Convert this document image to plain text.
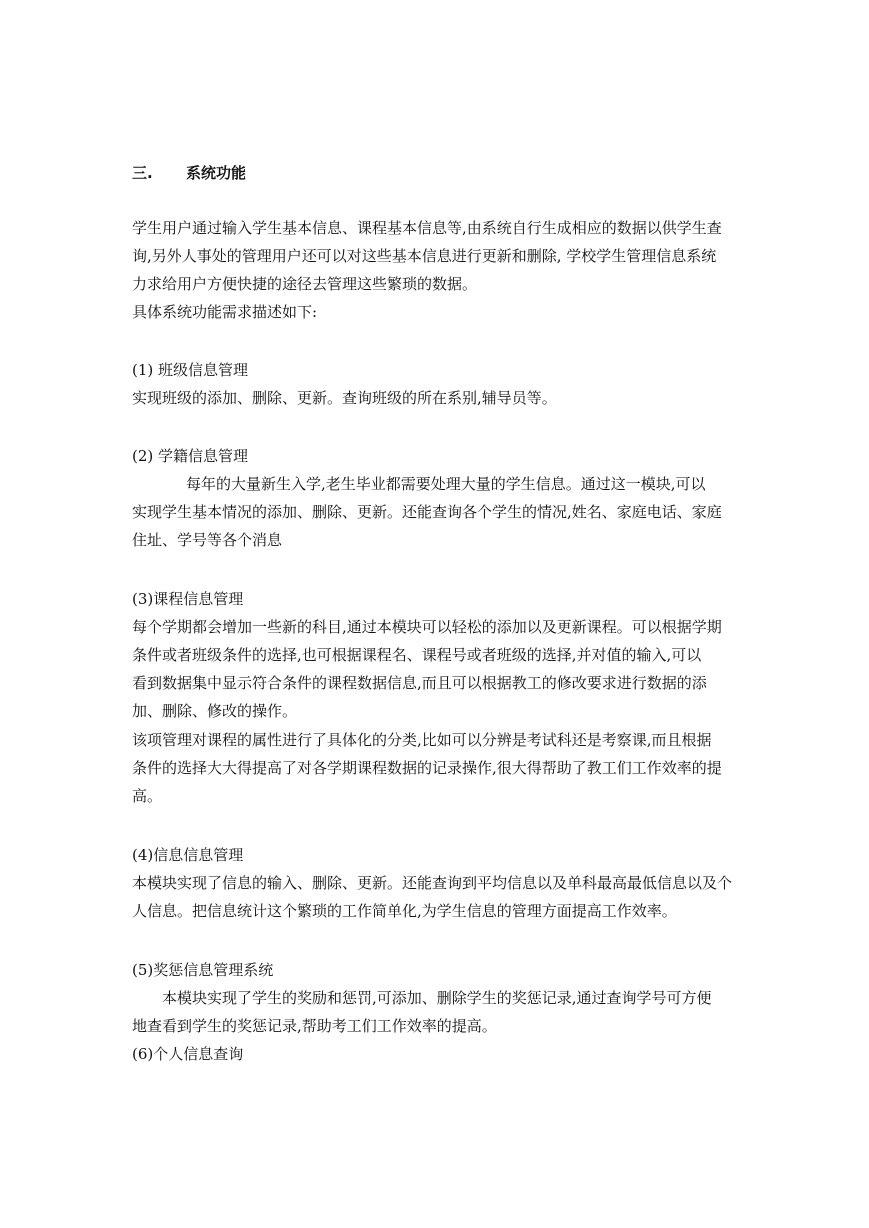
三. 系统功能
学生用户通过输入学生基本信息、课程基本信息等,由系统自行生成相应的数据以供学生查
询,另外人事处的管理用户还可以对这些基本信息进行更新和删除, 学校学生管理信息系统
力求给用户方便快捷的途径去管理这些繁琐的数据。
具体系统功能需求描述如下:
(1) 班级信息管理
实现班级的添加、删除、更新。查询班级的所在系别,辅导员等。
(2) 学籍信息管理
每年的大量新生入学,老生毕业都需要处理大量的学生信息。通过这一模块,可以
实现学生基本情况的添加、删除、更新。还能查询各个学生的情况,姓名、家庭电话、家庭
住址、学号等各个消息
(3)课程信息管理
每个学期都会增加一些新的科目,通过本模块可以轻松的添加以及更新课程。可以根据学期
条件或者班级条件的选择,也可根据课程名、课程号或者班级的选择,并对值的输入,可以
看到数据集中显示符合条件的课程数据信息,而且可以根据教工的修改要求进行数据的添
加、删除、修改的操作。
该项管理对课程的属性进行了具体化的分类,比如可以分辨是考试科还是考察课,而且根据
条件的选择大大得提高了对各学期课程数据的记录操作,很大得帮助了教工们工作效率的提
高。
(4)信息信息管理
本模块实现了信息的输入、删除、更新。还能查询到平均信息以及单科最高最低信息以及个
人信息。把信息统计这个繁琐的工作简单化,为学生信息的管理方面提高工作效率。
(5)奖惩信息管理系统
本模块实现了学生的奖励和惩罚,可添加、删除学生的奖惩记录,通过查询学号可方便
地查看到学生的奖惩记录,帮助考工们工作效率的提高。
(6)个人信息查询
